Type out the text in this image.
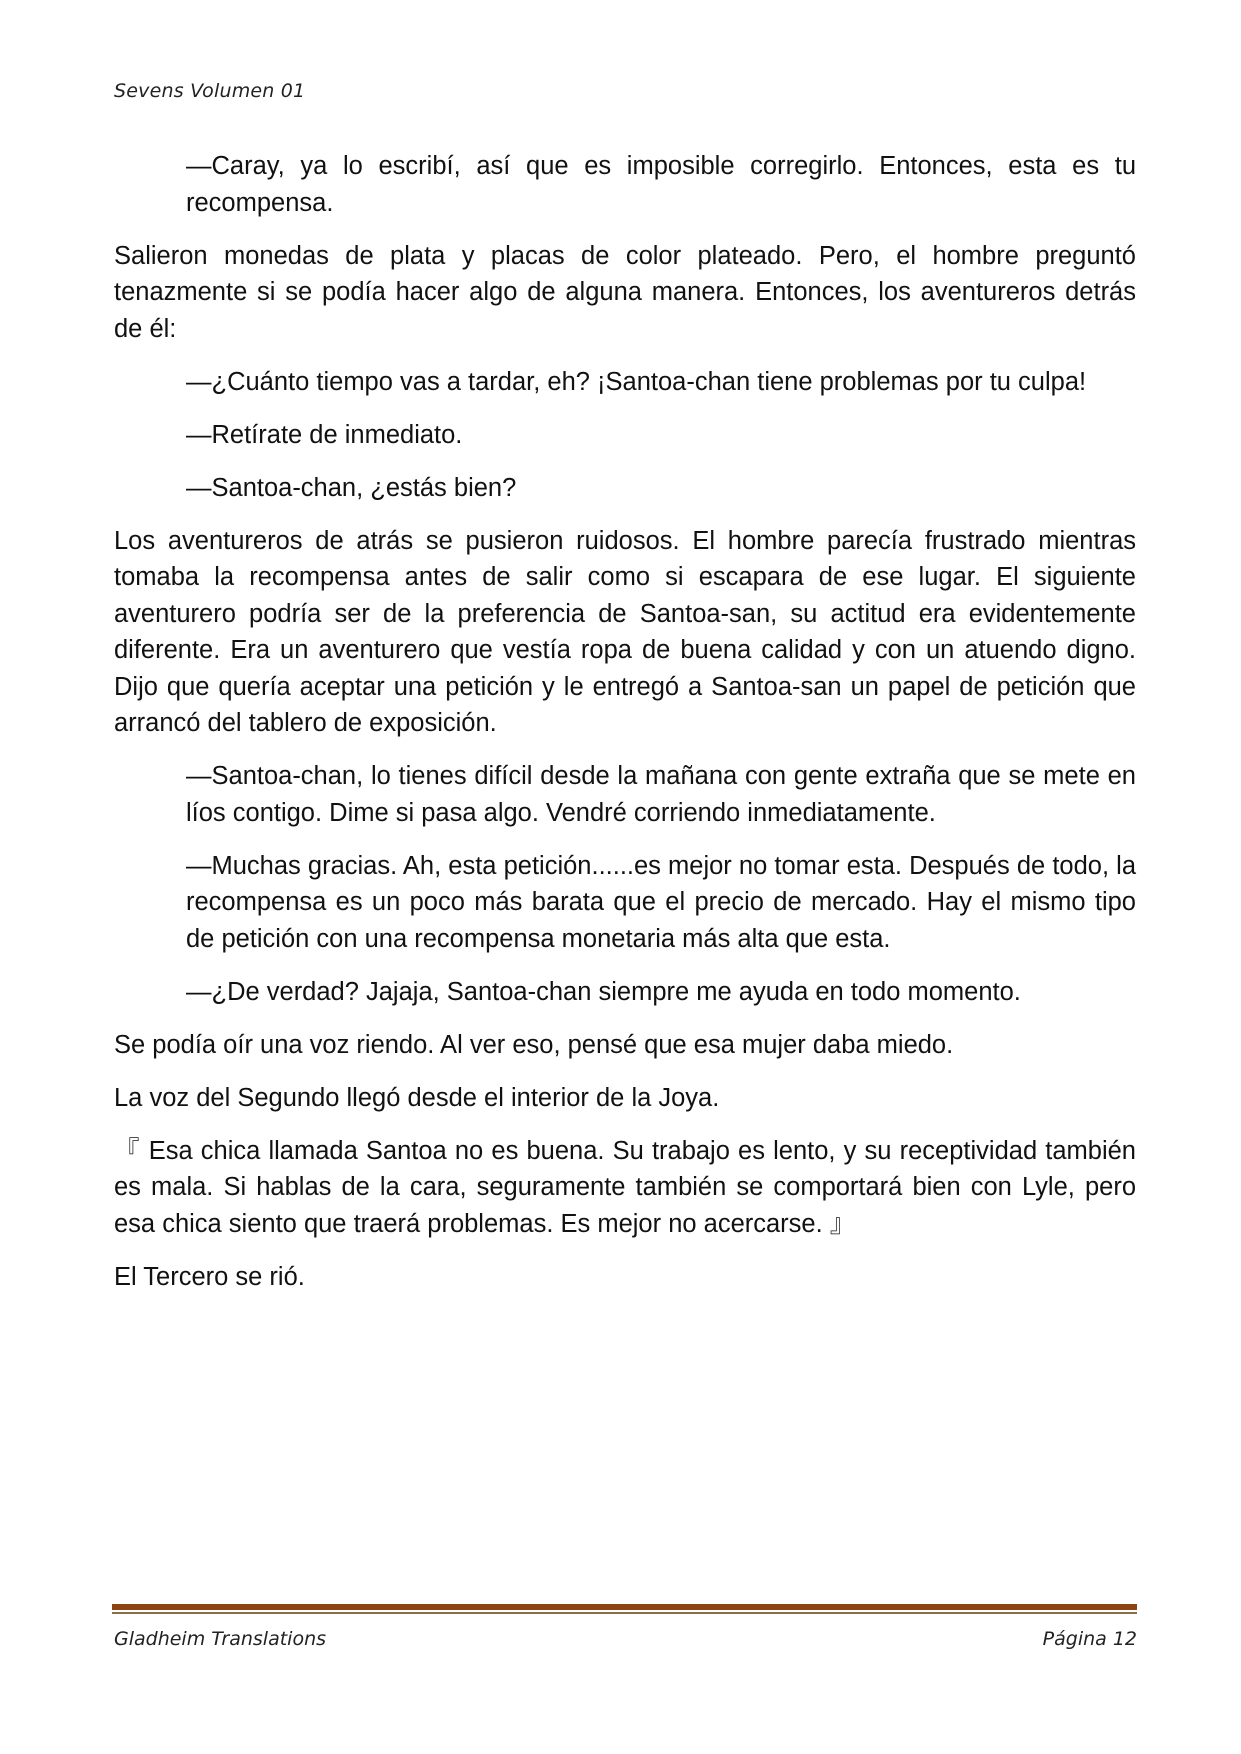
Sevens Volumen 01

—Caray, ya lo escribí, así que es imposible corregirlo. Entonces, esta es tu recompensa.

Salieron monedas de plata y placas de color plateado. Pero, el hombre preguntó tenazmente si se podía hacer algo de alguna manera. Entonces, los aventureros detrás de él:

—¿Cuánto tiempo vas a tardar, eh? ¡Santoa-chan tiene problemas por tu culpa!

—Retírate de inmediato.

—Santoa-chan, ¿estás bien?

Los aventureros de atrás se pusieron ruidosos. El hombre parecía frustrado mientras tomaba la recompensa antes de salir como si escapara de ese lugar. El siguiente aventurero podría ser de la preferencia de Santoa-san, su actitud era evidentemente diferente. Era un aventurero que vestía ropa de buena calidad y con un atuendo digno. Dijo que quería aceptar una petición y le entregó a Santoa-san un papel de petición que arrancó del tablero de exposición.

—Santoa-chan, lo tienes difícil desde la mañana con gente extraña que se mete en líos contigo. Dime si pasa algo. Vendré corriendo inmediatamente.

—Muchas gracias. Ah, esta petición......es mejor no tomar esta. Después de todo, la recompensa es un poco más barata que el precio de mercado. Hay el mismo tipo de petición con una recompensa monetaria más alta que esta.

—¿De verdad? Jajaja, Santoa-chan siempre me ayuda en todo momento.

Se podía oír una voz riendo. Al ver eso, pensé que esa mujer daba miedo.

La voz del Segundo llegó desde el interior de la Joya.

『 Esa chica llamada Santoa no es buena. Su trabajo es lento, y su receptividad también es mala. Si hablas de la cara, seguramente también se comportará bien con Lyle, pero esa chica siento que traerá problemas. Es mejor no acercarse. 』

El Tercero se rió.

Gladheim Translations	Página 12
